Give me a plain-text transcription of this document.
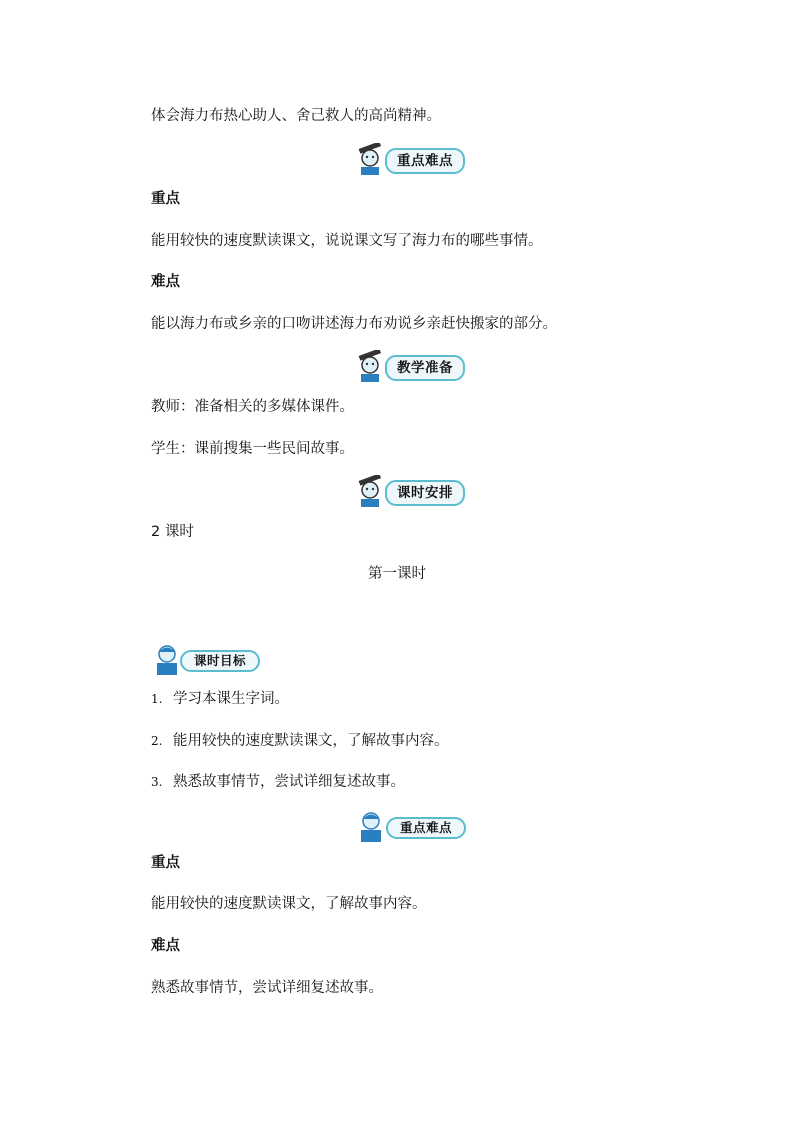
体会海力布热心助人、舍己救人的高尚精神。
重点难点
重点
能用较快的速度默读课文，说说课文写了海力布的哪些事情。
难点
能以海力布或乡亲的口吻讲述海力布劝说乡亲赶快搬家的部分。
教学准备
教师：准备相关的多媒体课件。
学生：课前搜集一些民间故事。
课时安排
2 课时
第一课时
课时目标
1. 学习本课生字词。
2. 能用较快的速度默读课文，了解故事内容。
3. 熟悉故事情节，尝试详细复述故事。
重点难点
重点
能用较快的速度默读课文，了解故事内容。
难点
熟悉故事情节，尝试详细复述故事。
